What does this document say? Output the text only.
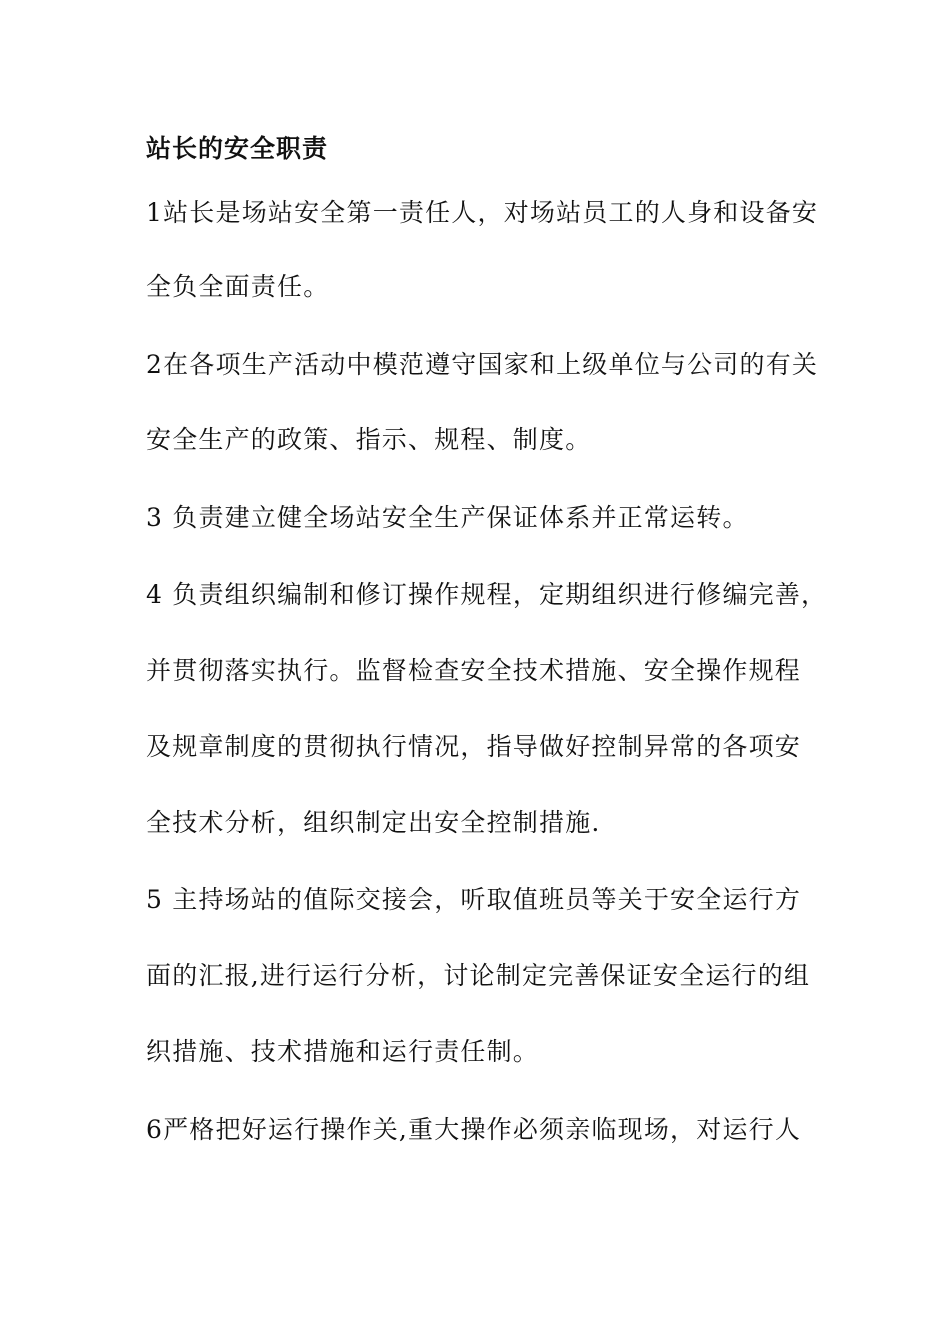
站长的安全职责
1站长是场站安全第一责任人，对场站员工的人身和设备安
全负全面责任。
2在各项生产活动中模范遵守国家和上级单位与公司的有关
安全生产的政策、指示、规程、制度。
3 负责建立健全场站安全生产保证体系并正常运转。
4 负责组织编制和修订操作规程，定期组织进行修编完善，
并贯彻落实执行。监督检查安全技术措施、安全操作规程
及规章制度的贯彻执行情况，指导做好控制异常的各项安
全技术分析，组织制定出安全控制措施.
5 主持场站的值际交接会，听取值班员等关于安全运行方
面的汇报,进行运行分析，讨论制定完善保证安全运行的组
织措施、技术措施和运行责任制。
6严格把好运行操作关,重大操作必须亲临现场，对运行人
